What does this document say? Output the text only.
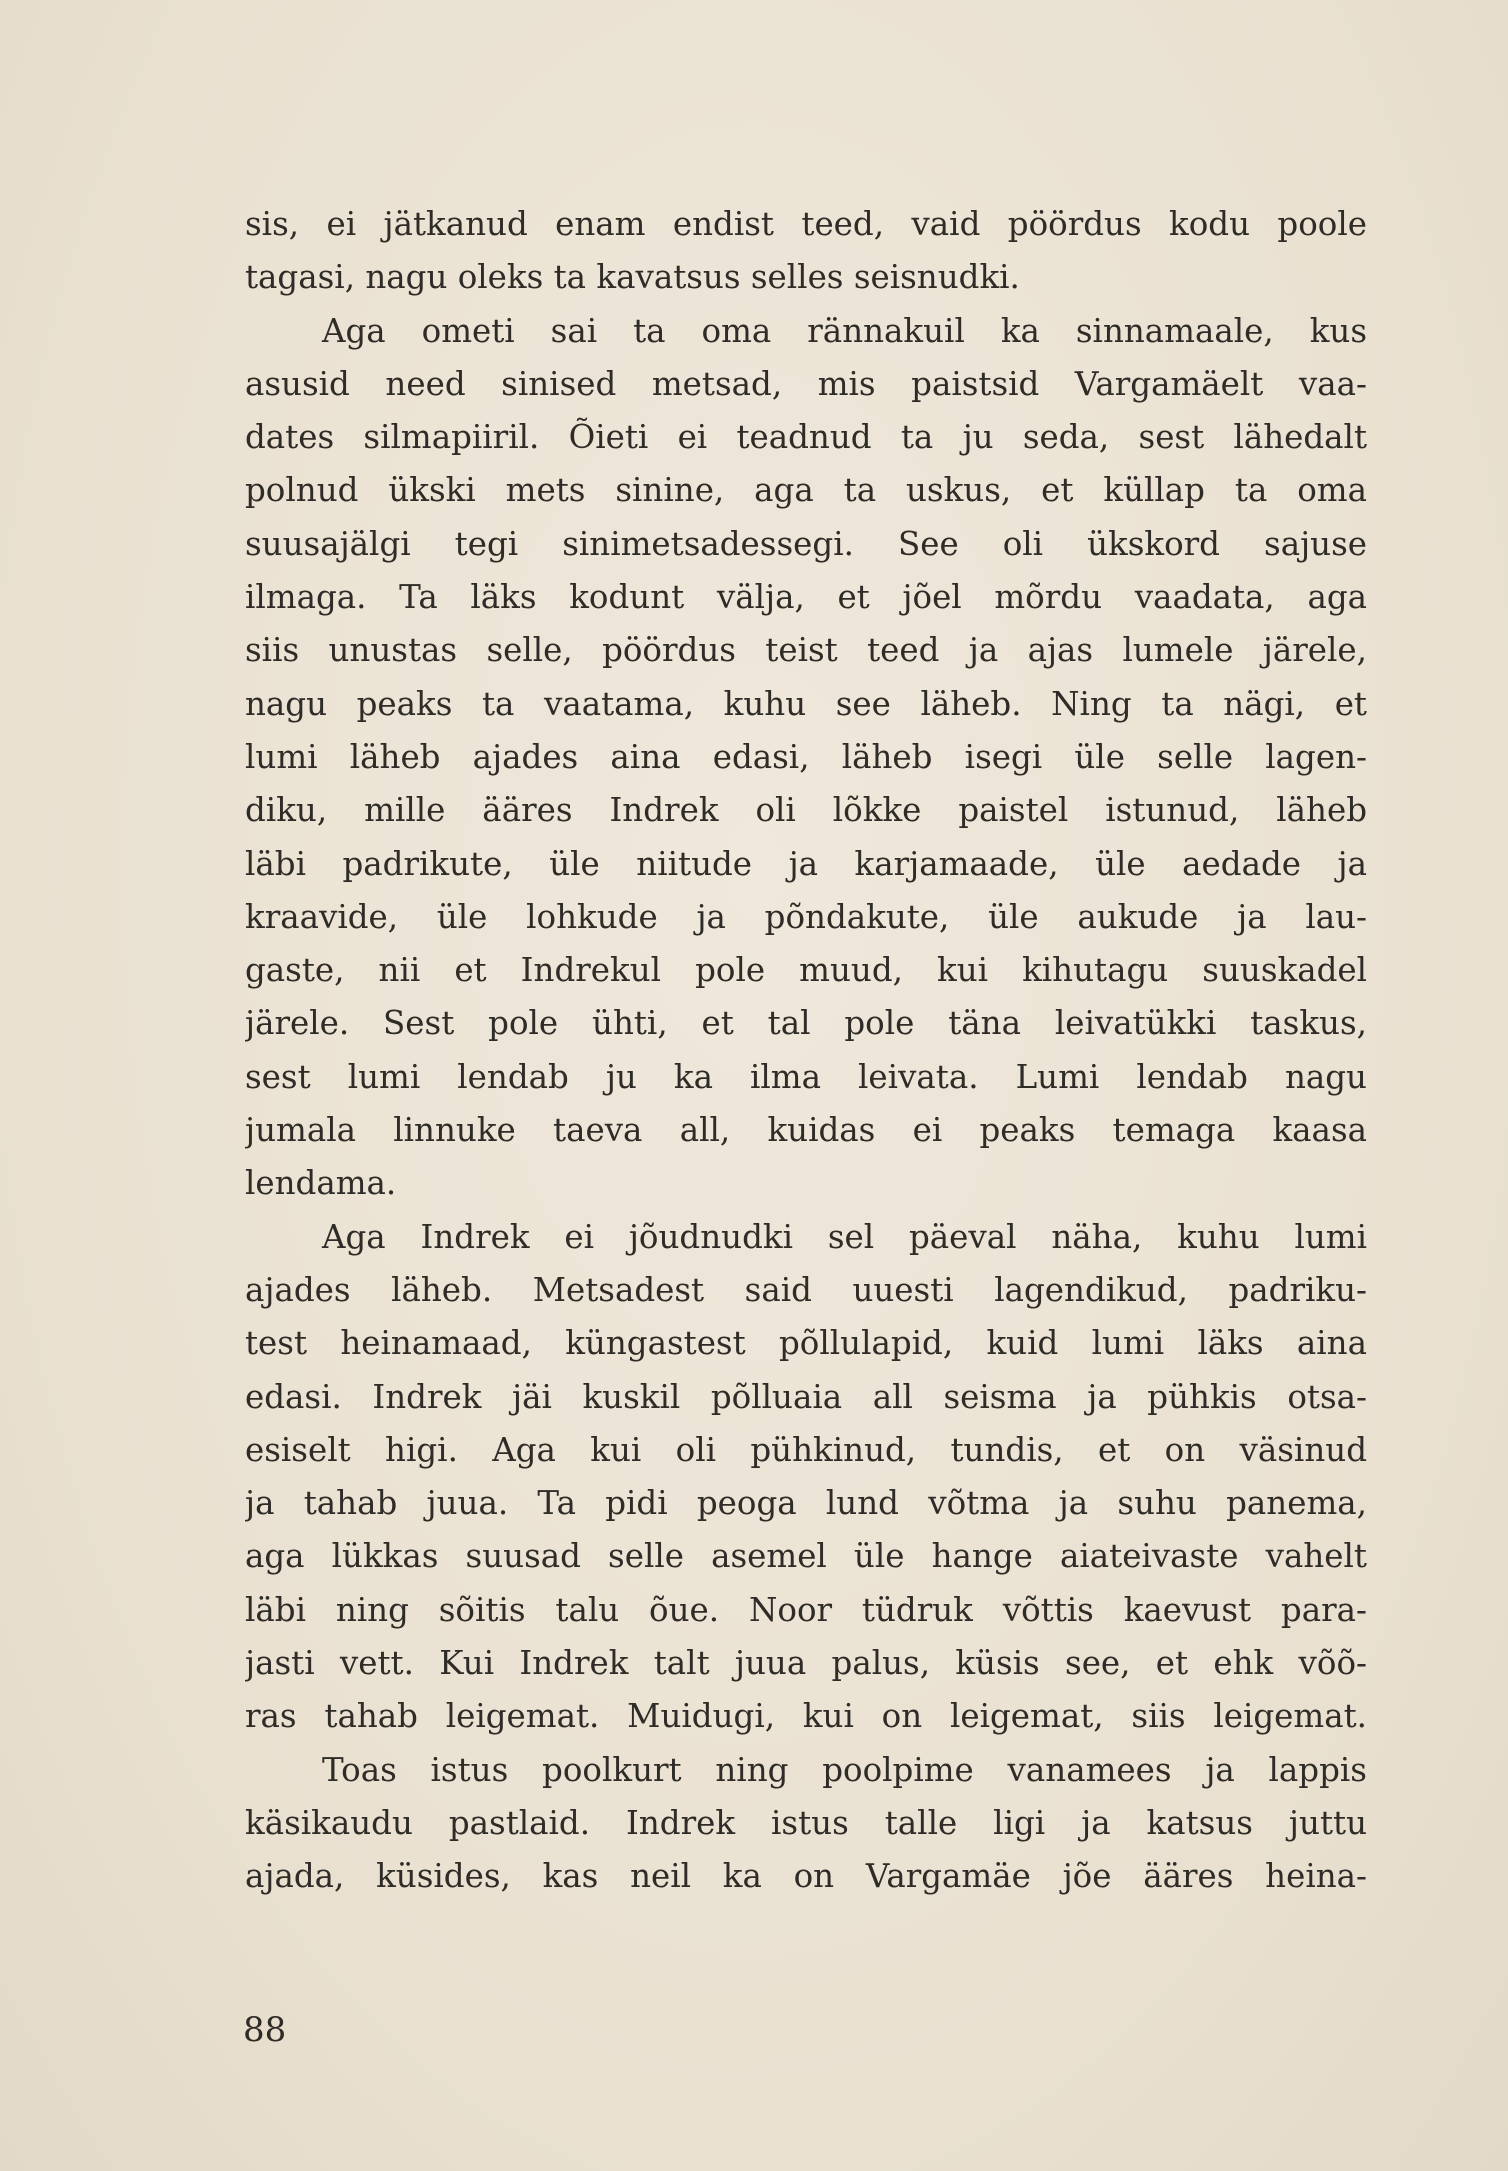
sis, ei jätkanud enam endist teed, vaid pöördus kodu poole
tagasi, nagu oleks ta kavatsus selles seisnudki.
Aga ometi sai ta oma rännakuil ka sinnamaale, kus
asusid need sinised metsad, mis paistsid Vargamäelt vaa-
dates silmapiiril. Õieti ei teadnud ta ju seda, sest lähedalt
polnud ükski mets sinine, aga ta uskus, et küllap ta oma
suusajälgi tegi sinimetsadessegi. See oli ükskord sajuse
ilmaga. Ta läks kodunt välja, et jõel mõrdu vaadata, aga
siis unustas selle, pöördus teist teed ja ajas lumele järele,
nagu peaks ta vaatama, kuhu see läheb. Ning ta nägi, et
lumi läheb ajades aina edasi, läheb isegi üle selle lagen-
diku, mille ääres Indrek oli lõkke paistel istunud, läheb
läbi padrikute, üle niitude ja karjamaade, üle aedade ja
kraavide, üle lohkude ja põndakute, üle aukude ja lau-
gaste, nii et Indrekul pole muud, kui kihutagu suuskadel
järele. Sest pole ühti, et tal pole täna leivatükki taskus,
sest lumi lendab ju ka ilma leivata. Lumi lendab nagu
jumala linnuke taeva all, kuidas ei peaks temaga kaasa
lendama.
Aga Indrek ei jõudnudki sel päeval näha, kuhu lumi
ajades läheb. Metsadest said uuesti lagendikud, padriku-
test heinamaad, küngastest põllulapid, kuid lumi läks aina
edasi. Indrek jäi kuskil põlluaia all seisma ja pühkis otsa-
esiselt higi. Aga kui oli pühkinud, tundis, et on väsinud
ja tahab juua. Ta pidi peoga lund võtma ja suhu panema,
aga lükkas suusad selle asemel üle hange aiateivaste vahelt
läbi ning sõitis talu õue. Noor tüdruk võttis kaevust para-
jasti vett. Kui Indrek talt juua palus, küsis see, et ehk võõ-
ras tahab leigemat. Muidugi, kui on leigemat, siis leigemat.
Toas istus poolkurt ning poolpime vanamees ja lappis
käsikaudu pastlaid. Indrek istus talle ligi ja katsus juttu
ajada, küsides, kas neil ka on Vargamäe jõe ääres heina-
88
